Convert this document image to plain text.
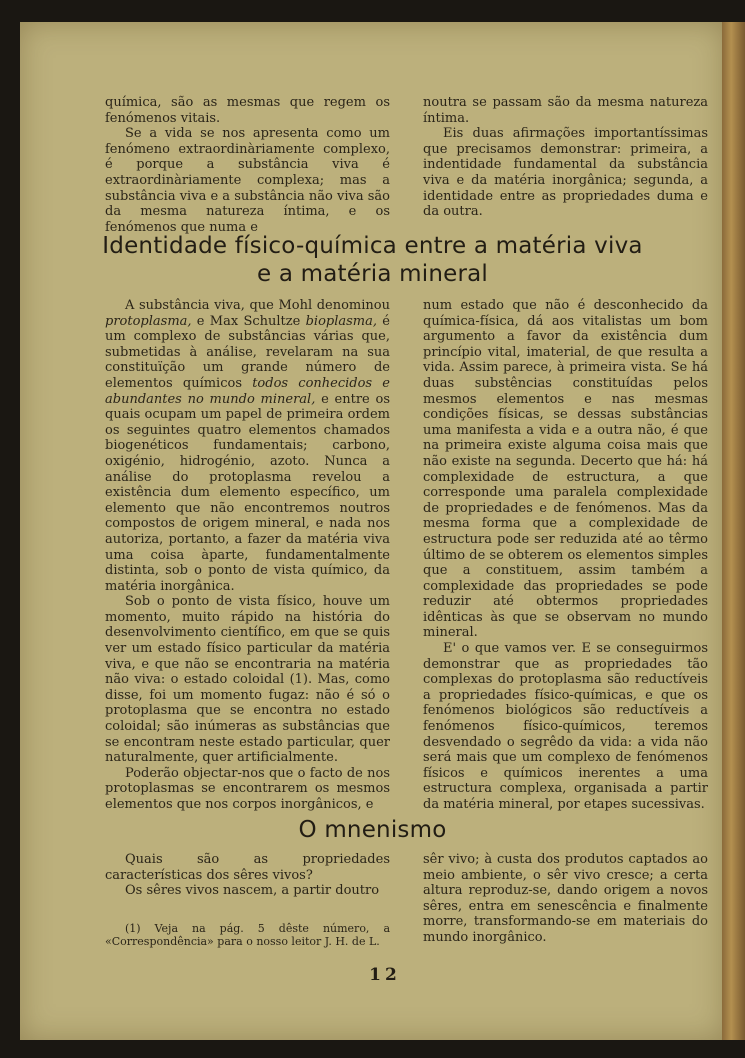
química, são as mesmas que regem os fenómenos vitais.

Se a vida se nos apresenta como um fenómeno extraordinàriamente complexo, é porque a substância viva é extraordinàriamente complexa; mas a substância viva e a substância não viva são da mesma natureza íntima, e os fenómenos que numa e

noutra se passam são da mesma natureza íntima.

Eis duas afirmações importantíssimas que precisamos demonstrar: primeira, a indentidade fundamental da substância viva e da matéria inorgânica; segunda, a identidade entre as propriedades duma e da outra.

Identidade físico-química entre a matéria viva
e a matéria mineral

A substância viva, que Mohl denominou protoplasma, e Max Schultze bioplasma, é um complexo de substâncias várias que, submetidas à análise, revelaram na sua constituïção um grande número de elementos químicos todos conhecidos e abundantes no mundo mineral, e entre os quais ocupam um papel de primeira ordem os seguintes quatro elementos chamados biogenéticos fundamentais; carbono, oxigénio, hidrogénio, azoto. Nunca a análise do protoplasma revelou a existência dum elemento específico, um elemento que não encontremos noutros compostos de origem mineral, e nada nos autoriza, portanto, a fazer da matéria viva uma coisa àparte, fundamentalmente distinta, sob o ponto de vista químico, da matéria inorgânica.

Sob o ponto de vista físico, houve um momento, muito rápido na história do desenvolvimento científico, em que se quis ver um estado físico particular da matéria viva, e que não se encontraria na matéria não viva: o estado coloidal (1). Mas, como disse, foi um momento fugaz: não é só o protoplasma que se encontra no estado coloidal; são inúmeras as substâncias que se encontram neste estado particular, quer naturalmente, quer artificialmente.

Poderão objectar-nos que o facto de nos protoplasmas se encontrarem os mesmos elementos que nos corpos inorgânicos, e

num estado que não é desconhecido da química-física, dá aos vitalistas um bom argumento a favor da existência dum princípio vital, imaterial, de que resulta a vida. Assim parece, à primeira vista. Se há duas substências constituídas pelos mesmos elementos e nas mesmas condições físicas, se dessas substâncias uma manifesta a vida e a outra não, é que na primeira existe alguma coisa mais que não existe na segunda. Decerto que há: há complexidade de estructura, a que corresponde uma paralela complexidade de propriedades e de fenómenos. Mas da mesma forma que a complexidade de estructura pode ser reduzida até ao têrmo último de se obterem os elementos simples que a constituem, assim também a complexidade das propriedades se pode reduzir até obtermos propriedades idênticas às que se observam no mundo mineral.

E' o que vamos ver. E se conseguirmos demonstrar que as propriedades tão complexas do protoplasma são reductíveis a propriedades físico-químicas, e que os fenómenos biológicos são reductíveis a fenómenos físico-químicos, teremos desvendado o segrêdo da vida: a vida não será mais que um complexo de fenómenos físicos e químicos inerentes a uma estructura complexa, organisada a partir da matéria mineral, por etapes sucessivas.

O mnenismo

Quais são as propriedades características dos sêres vivos?

Os sêres vivos nascem, a partir doutro

(1) Veja na pág. 5 dêste número, a «Correspondência» para o nosso leitor J. H. de L.

sêr vivo; à custa dos produtos captados ao meio ambiente, o sêr vivo cresce; a certa altura reproduz-se, dando origem a novos sêres, entra em senescência e finalmente morre, transformando-se em materiais do mundo inorgânico.

12
